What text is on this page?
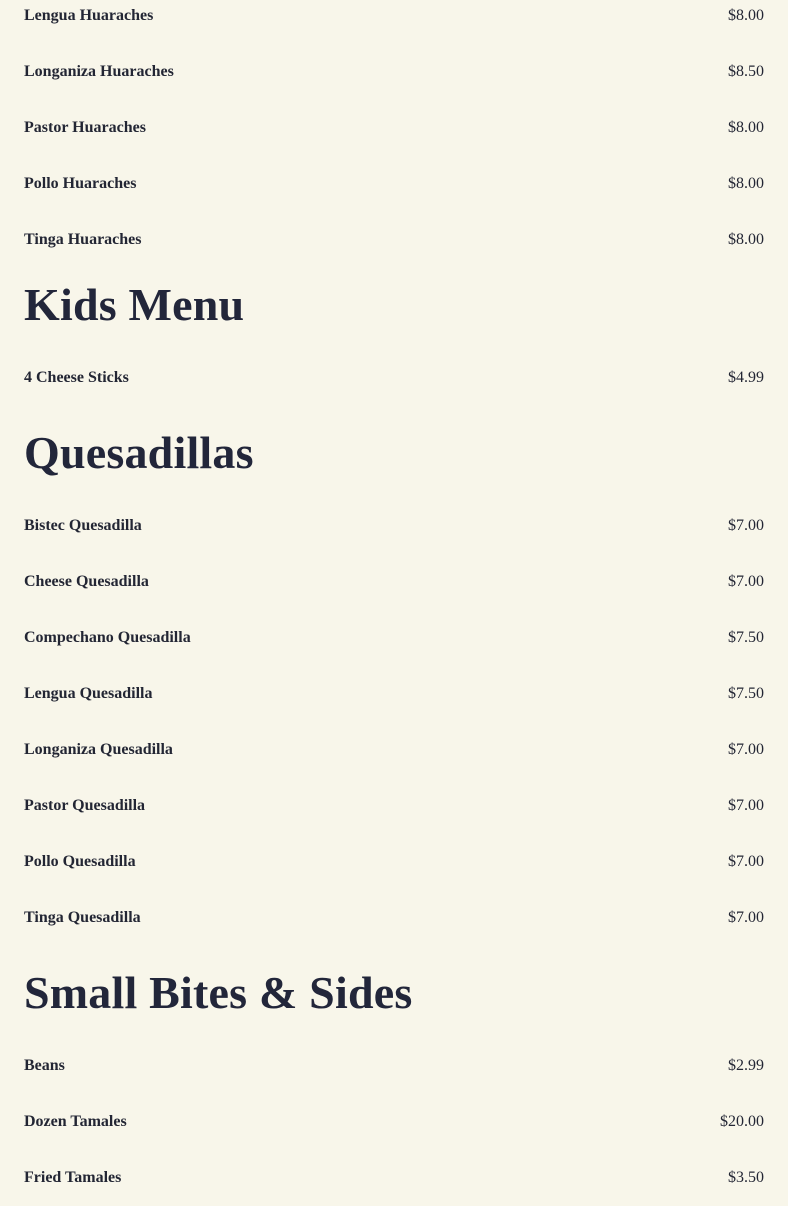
Lengua Huaraches	$8.00
Longaniza Huaraches	$8.50
Pastor Huaraches	$8.00
Pollo Huaraches	$8.00
Tinga Huaraches	$8.00
Kids Menu
4 Cheese Sticks	$4.99
Quesadillas
Bistec Quesadilla	$7.00
Cheese Quesadilla	$7.00
Compechano Quesadilla	$7.50
Lengua Quesadilla	$7.50
Longaniza Quesadilla	$7.00
Pastor Quesadilla	$7.00
Pollo Quesadilla	$7.00
Tinga Quesadilla	$7.00
Small Bites & Sides
Beans	$2.99
Dozen Tamales	$20.00
Fried Tamales	$3.50
